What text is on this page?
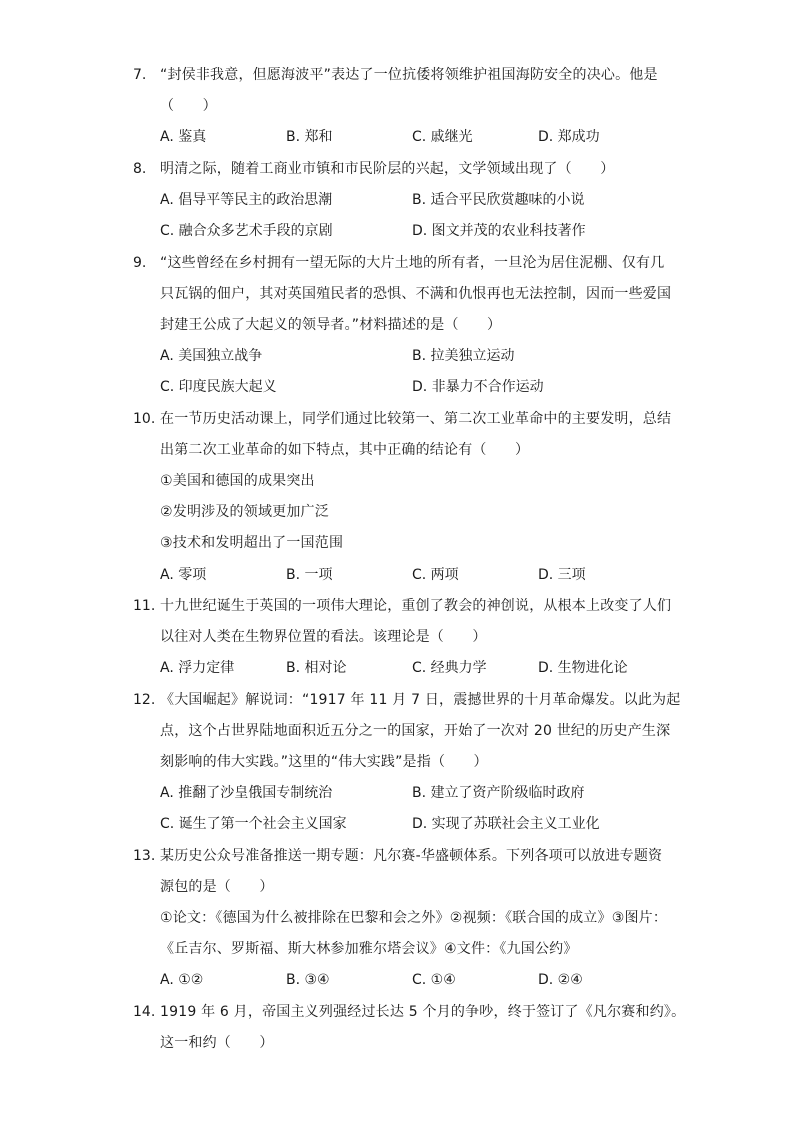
7. “封侯非我意，但愿海波平”表达了一位抗倭将领维护祖国海防安全的决心。他是
（　　）
A. 鉴真	B. 郑和	C. 戚继光	D. 郑成功
8. 明清之际，随着工商业市镇和市民阶层的兴起，文学领域出现了（　　）
A. 倡导平等民主的政治思潮	B. 适合平民欣赏趣味的小说
C. 融合众多艺术手段的京剧	D. 图文并茂的农业科技著作
9. “这些曾经在乡村拥有一望无际的大片土地的所有者，一旦沦为居住泥棚、仅有几
只瓦锅的佃户，其对英国殖民者的恐惧、不满和仇恨再也无法控制，因而一些爱国
封建王公成了大起义的领导者。”材料描述的是（　　）
A. 美国独立战争	B. 拉美独立运动
C. 印度民族大起义	D. 非暴力不合作运动
10. 在一节历史活动课上，同学们通过比较第一、第二次工业革命中的主要发明，总结
出第二次工业革命的如下特点，其中正确的结论有（　　）
①美国和德国的成果突出
②发明涉及的领域更加广泛
③技术和发明超出了一国范围
A. 零项	B. 一项	C. 两项	D. 三项
11. 十九世纪诞生于英国的一项伟大理论，重创了教会的神创说，从根本上改变了人们
以往对人类在生物界位置的看法。该理论是（　　）
A. 浮力定律	B. 相对论	C. 经典力学	D. 生物进化论
12. 《大国崛起》解说词：“1917 年 11 月 7 日，震撼世界的十月革命爆发。以此为起
点，这个占世界陆地面积近五分之一的国家，开始了一次对 20 世纪的历史产生深
刻影响的伟大实践。”这里的“伟大实践”是指（　　）
A. 推翻了沙皇俄国专制统治	B. 建立了资产阶级临时政府
C. 诞生了第一个社会主义国家	D. 实现了苏联社会主义工业化
13. 某历史公众号准备推送一期专题：凡尔赛-华盛顿体系。下列各项可以放进专题资
源包的是（　　）
①论文：《德国为什么被排除在巴黎和会之外》②视频：《联合国的成立》③图片：
《丘吉尔、罗斯福、斯大林参加雅尔塔会议》④文件：《九国公约》
A. ①②	B. ③④	C. ①④	D. ②④
14. 1919 年 6 月，帝国主义列强经过长达 5 个月的争吵，终于签订了《凡尔赛和约》。
这一和约（　　）
